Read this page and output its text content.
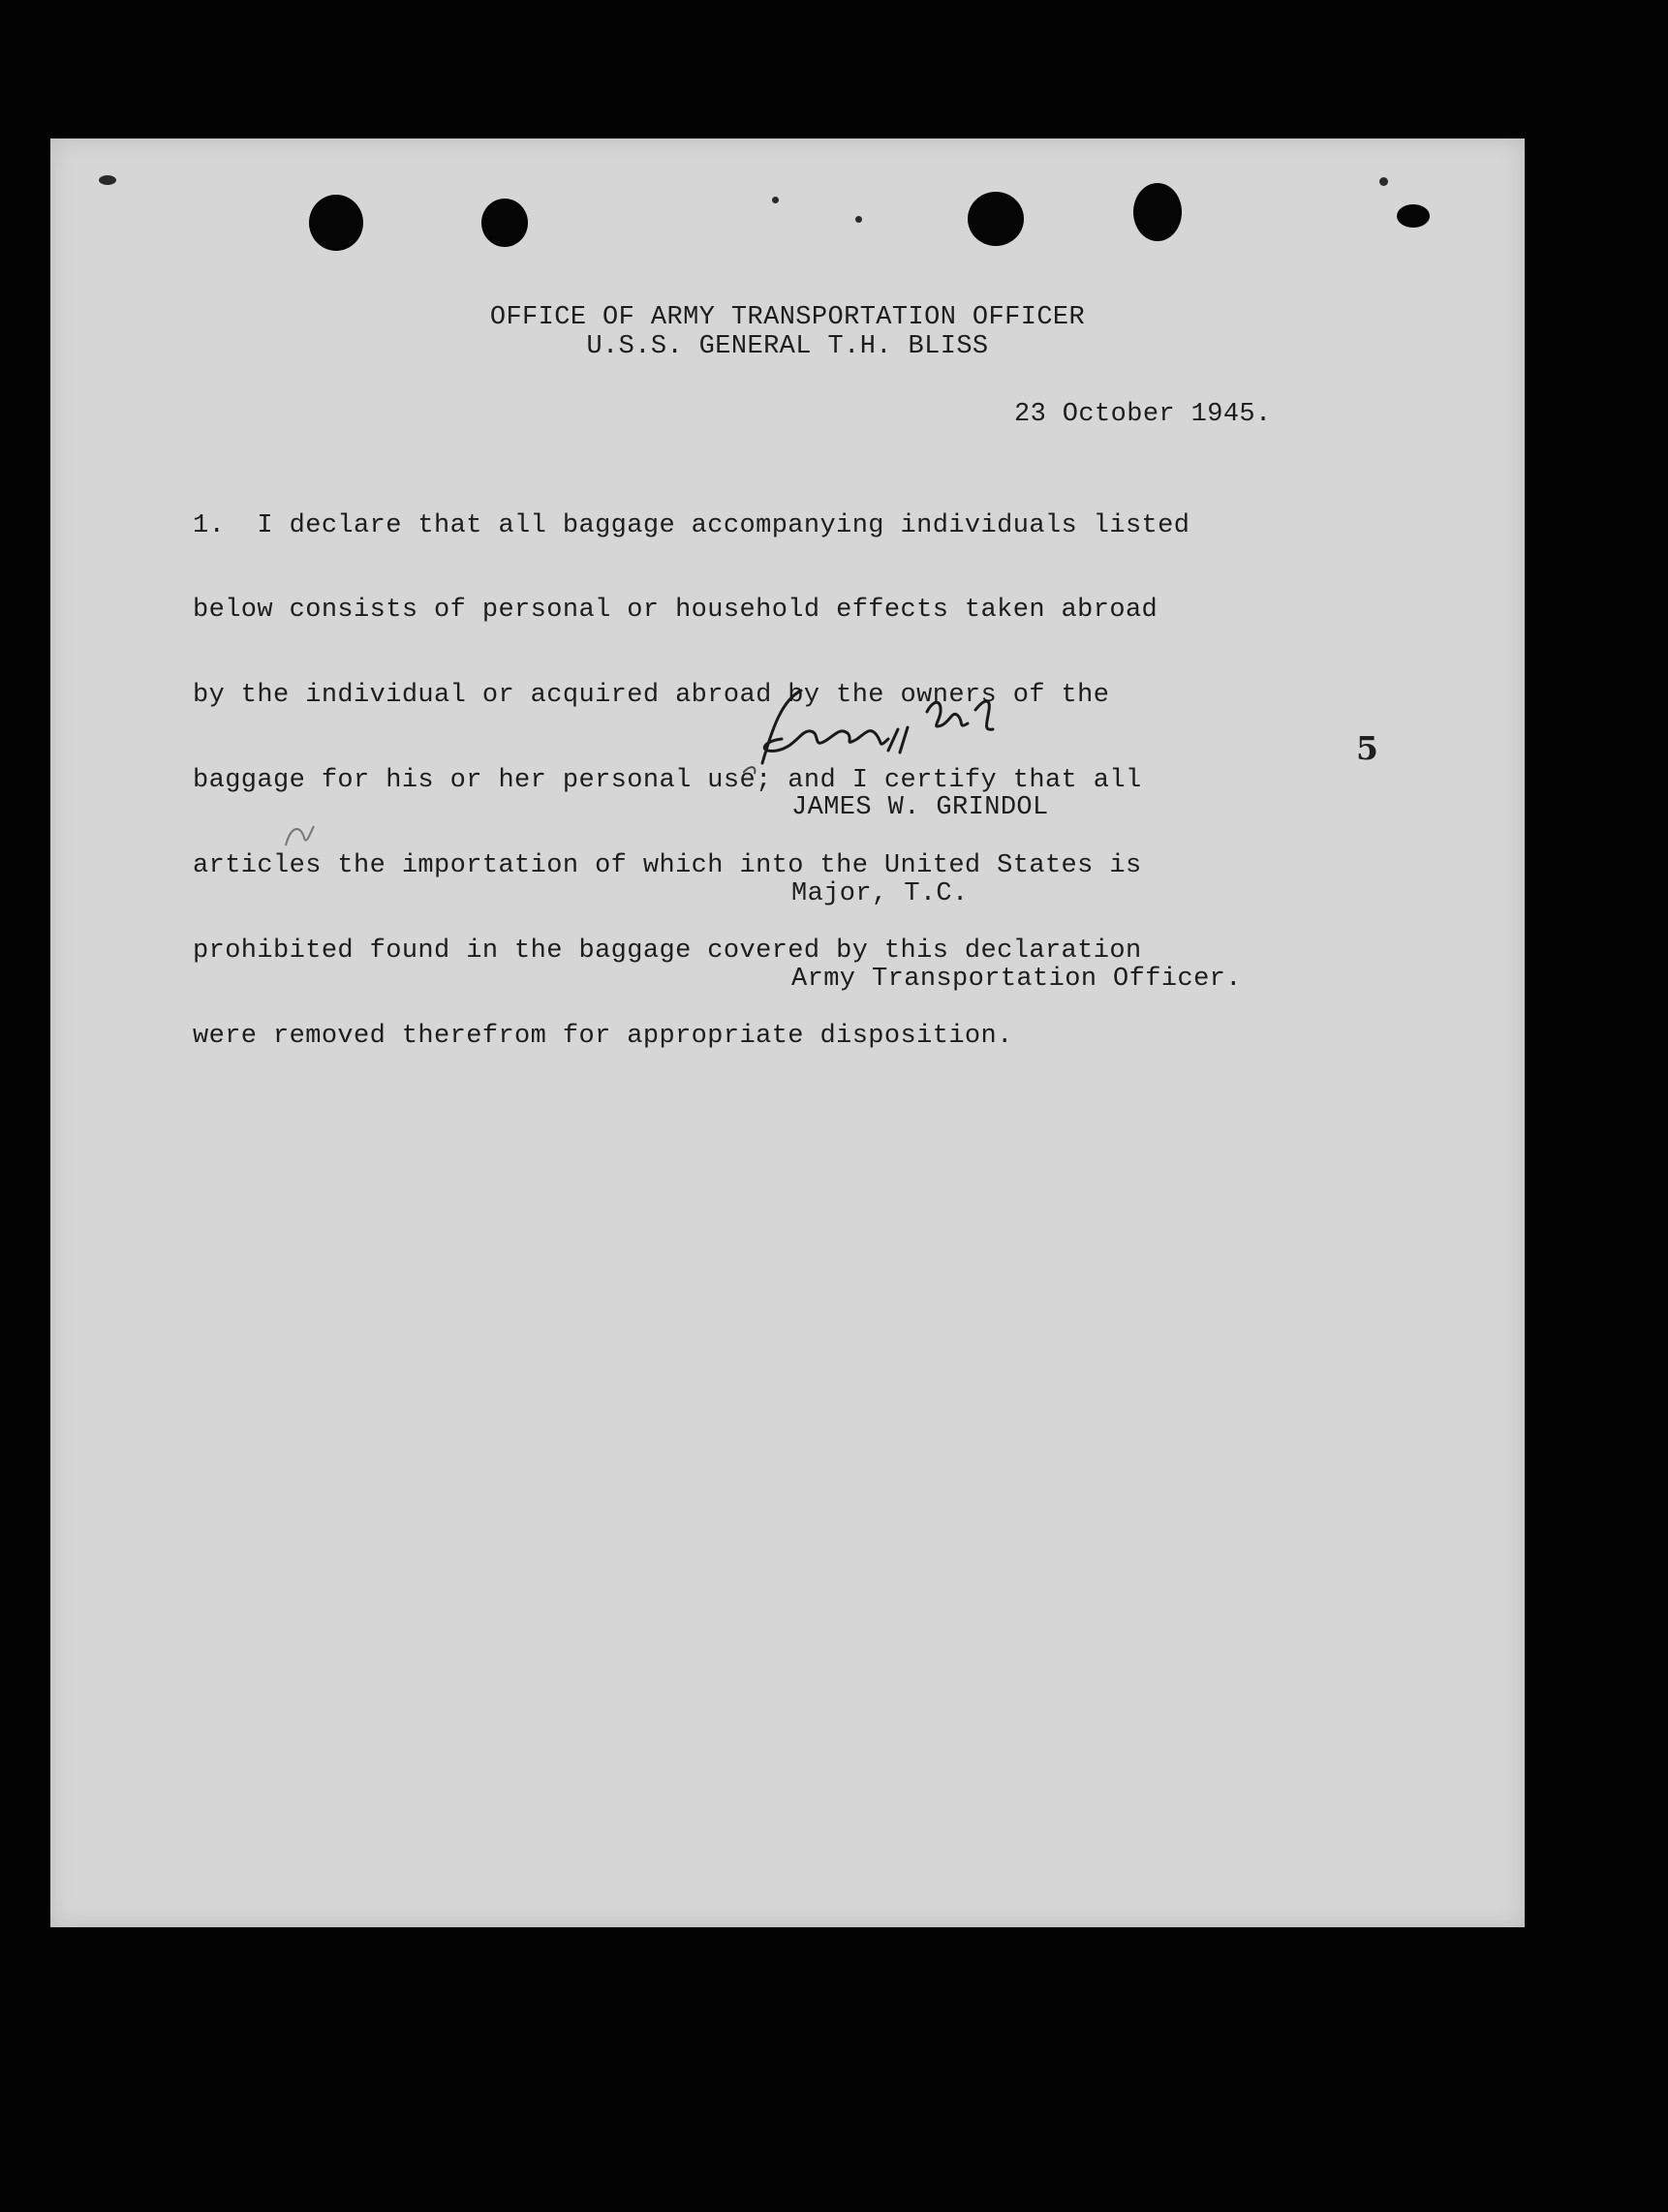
OFFICE OF ARMY TRANSPORTATION OFFICER
U.S.S. GENERAL T.H. BLISS
23 October 1945.

1.  I declare that all baggage accompanying individuals listed

below consists of personal or household effects taken abroad

by the individual or acquired abroad by the owners of the

baggage for his or her personal use; and I certify that all

articles the importation of which into the United States is

prohibited found in the baggage covered by this declaration

were removed therefrom for appropriate disposition.

JAMES W. GRINDOL

Major, T.C.

Army Transportation Officer.

5
